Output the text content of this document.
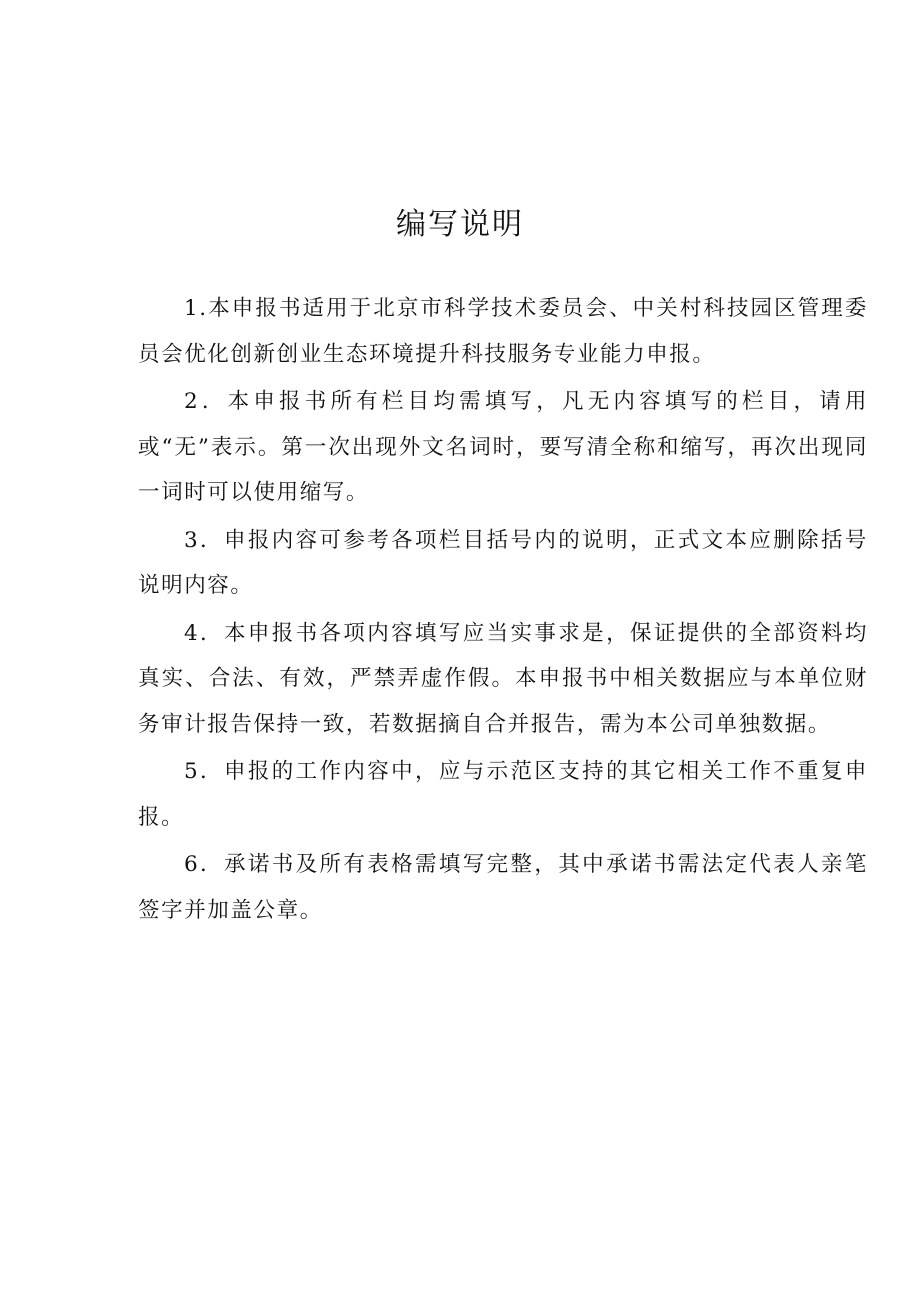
编写说明

1.本申报书适用于北京市科学技术委员会、中关村科技园区管理委员会优化创新创业生态环境提升科技服务专业能力申报。

2．本申报书所有栏目均需填写，凡无内容填写的栏目，请用或“无”表示。第一次出现外文名词时，要写清全称和缩写，再次出现同一词时可以使用缩写。

3．申报内容可参考各项栏目括号内的说明，正式文本应删除括号说明内容。

4．本申报书各项内容填写应当实事求是，保证提供的全部资料均真实、合法、有效，严禁弄虚作假。本申报书中相关数据应与本单位财务审计报告保持一致，若数据摘自合并报告，需为本公司单独数据。

5．申报的工作内容中，应与示范区支持的其它相关工作不重复申报。

6．承诺书及所有表格需填写完整，其中承诺书需法定代表人亲笔签字并加盖公章。
